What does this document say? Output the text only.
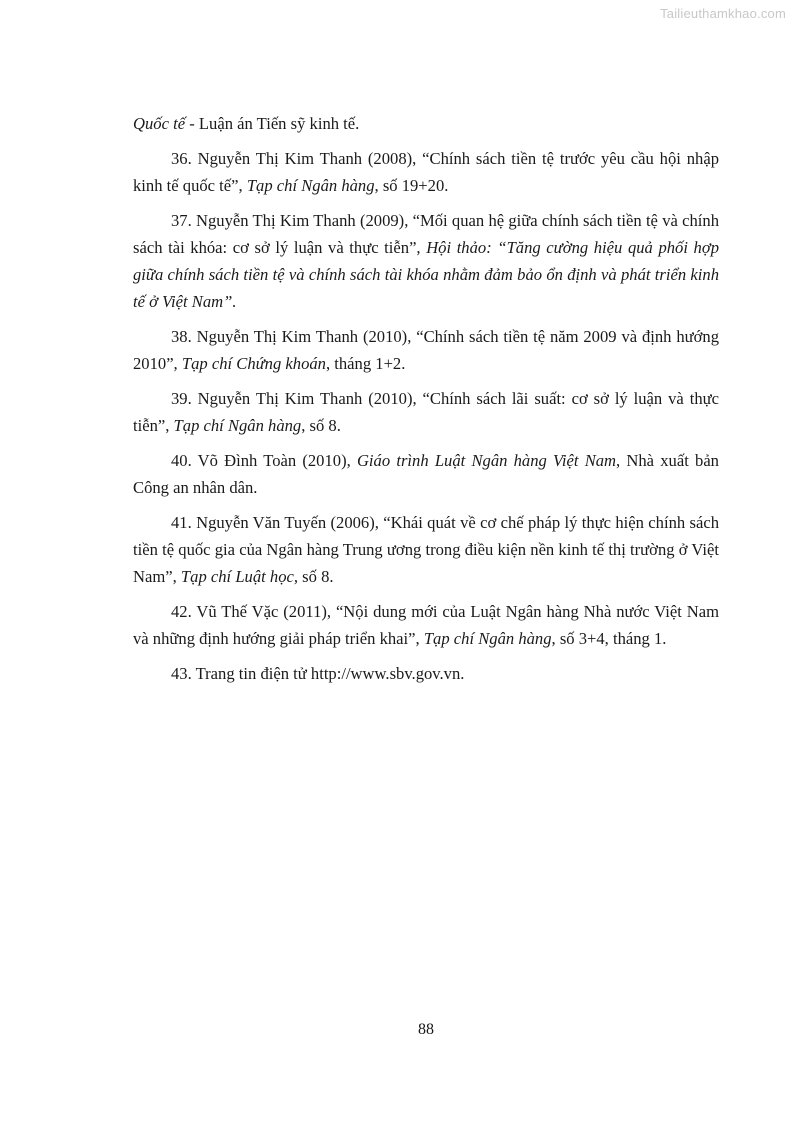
Tailieuthamkhao.com

Quốc tế - Luận án Tiến sỹ kinh tế.

36. Nguyễn Thị Kim Thanh (2008), “Chính sách tiền tệ trước yêu cầu hội nhập kinh tế quốc tế”, Tạp chí Ngân hàng, số 19+20.

37. Nguyễn Thị Kim Thanh (2009), “Mối quan hệ giữa chính sách tiền tệ và chính sách tài khóa: cơ sở lý luận và thực tiễn”, Hội thảo: “Tăng cường hiệu quả phối hợp giữa chính sách tiền tệ và chính sách tài khóa nhằm đảm bảo ổn định và phát triển kinh tế ở Việt Nam”.

38. Nguyễn Thị Kim Thanh (2010), “Chính sách tiền tệ năm 2009 và định hướng 2010”, Tạp chí Chứng khoán, tháng 1+2.

39. Nguyễn Thị Kim Thanh (2010), “Chính sách lãi suất: cơ sở lý luận và thực tiễn”, Tạp chí Ngân hàng, số 8.

40. Võ Đình Toàn (2010), Giáo trình Luật Ngân hàng Việt Nam, Nhà xuất bản Công an nhân dân.

41. Nguyễn Văn Tuyến (2006), “Khái quát về cơ chế pháp lý thực hiện chính sách tiền tệ quốc gia của Ngân hàng Trung ương trong điều kiện nền kinh tế thị trường ở Việt Nam”, Tạp chí Luật học, số 8.

42. Vũ Thế Vặc (2011), “Nội dung mới của Luật Ngân hàng Nhà nước Việt Nam và những định hướng giải pháp triển khai”, Tạp chí Ngân hàng, số 3+4, tháng 1.

43. Trang tin điện tử http://www.sbv.gov.vn.

88
